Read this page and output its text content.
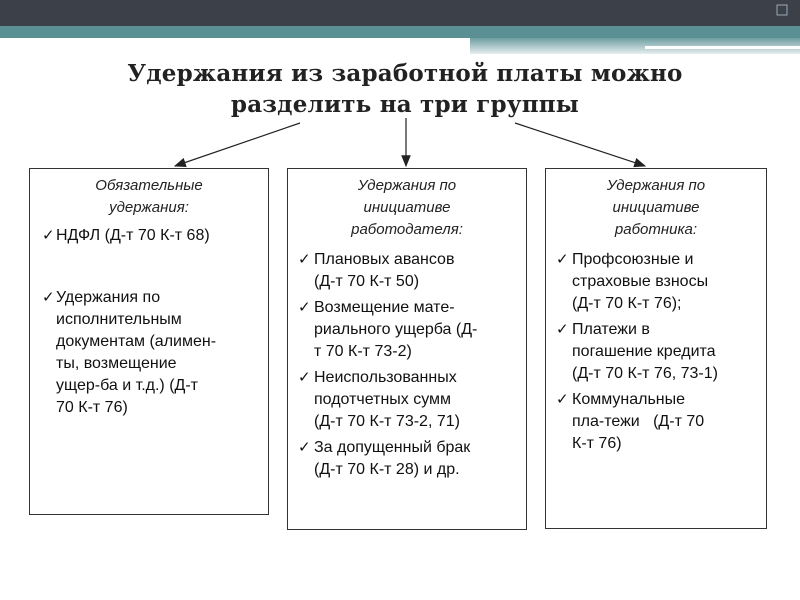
Удержания из заработной платы можно
разделить на три группы
Обязательные
удержания:
✓ НДФЛ (Д-т 70 К-т 68)
✓ Удержания по
исполнительным
документам (алимен-
ты, возмещение
ущер-ба и т.д.) (Д-т
70 К-т 76)
Удержания по
инициативе
работодателя:
✓ Плановых авансов
(Д-т 70 К-т 50)
✓ Возмещение мате-
риального ущерба (Д-
т 70 К-т 73-2)
✓ Неиспользованных
подотчетных сумм
(Д-т 70 К-т 73-2, 71)
✓ За допущенный брак
(Д-т 70 К-т 28) и др.
Удержания по
инициативе
работника:
✓ Профсоюзные и
страховые взносы
(Д-т 70 К-т 76);
✓ Платежи в
погашение кредита
(Д-т 70 К-т 76, 73-1)
✓ Коммунальные
пла-тежи   (Д-т 70
К-т 76)
